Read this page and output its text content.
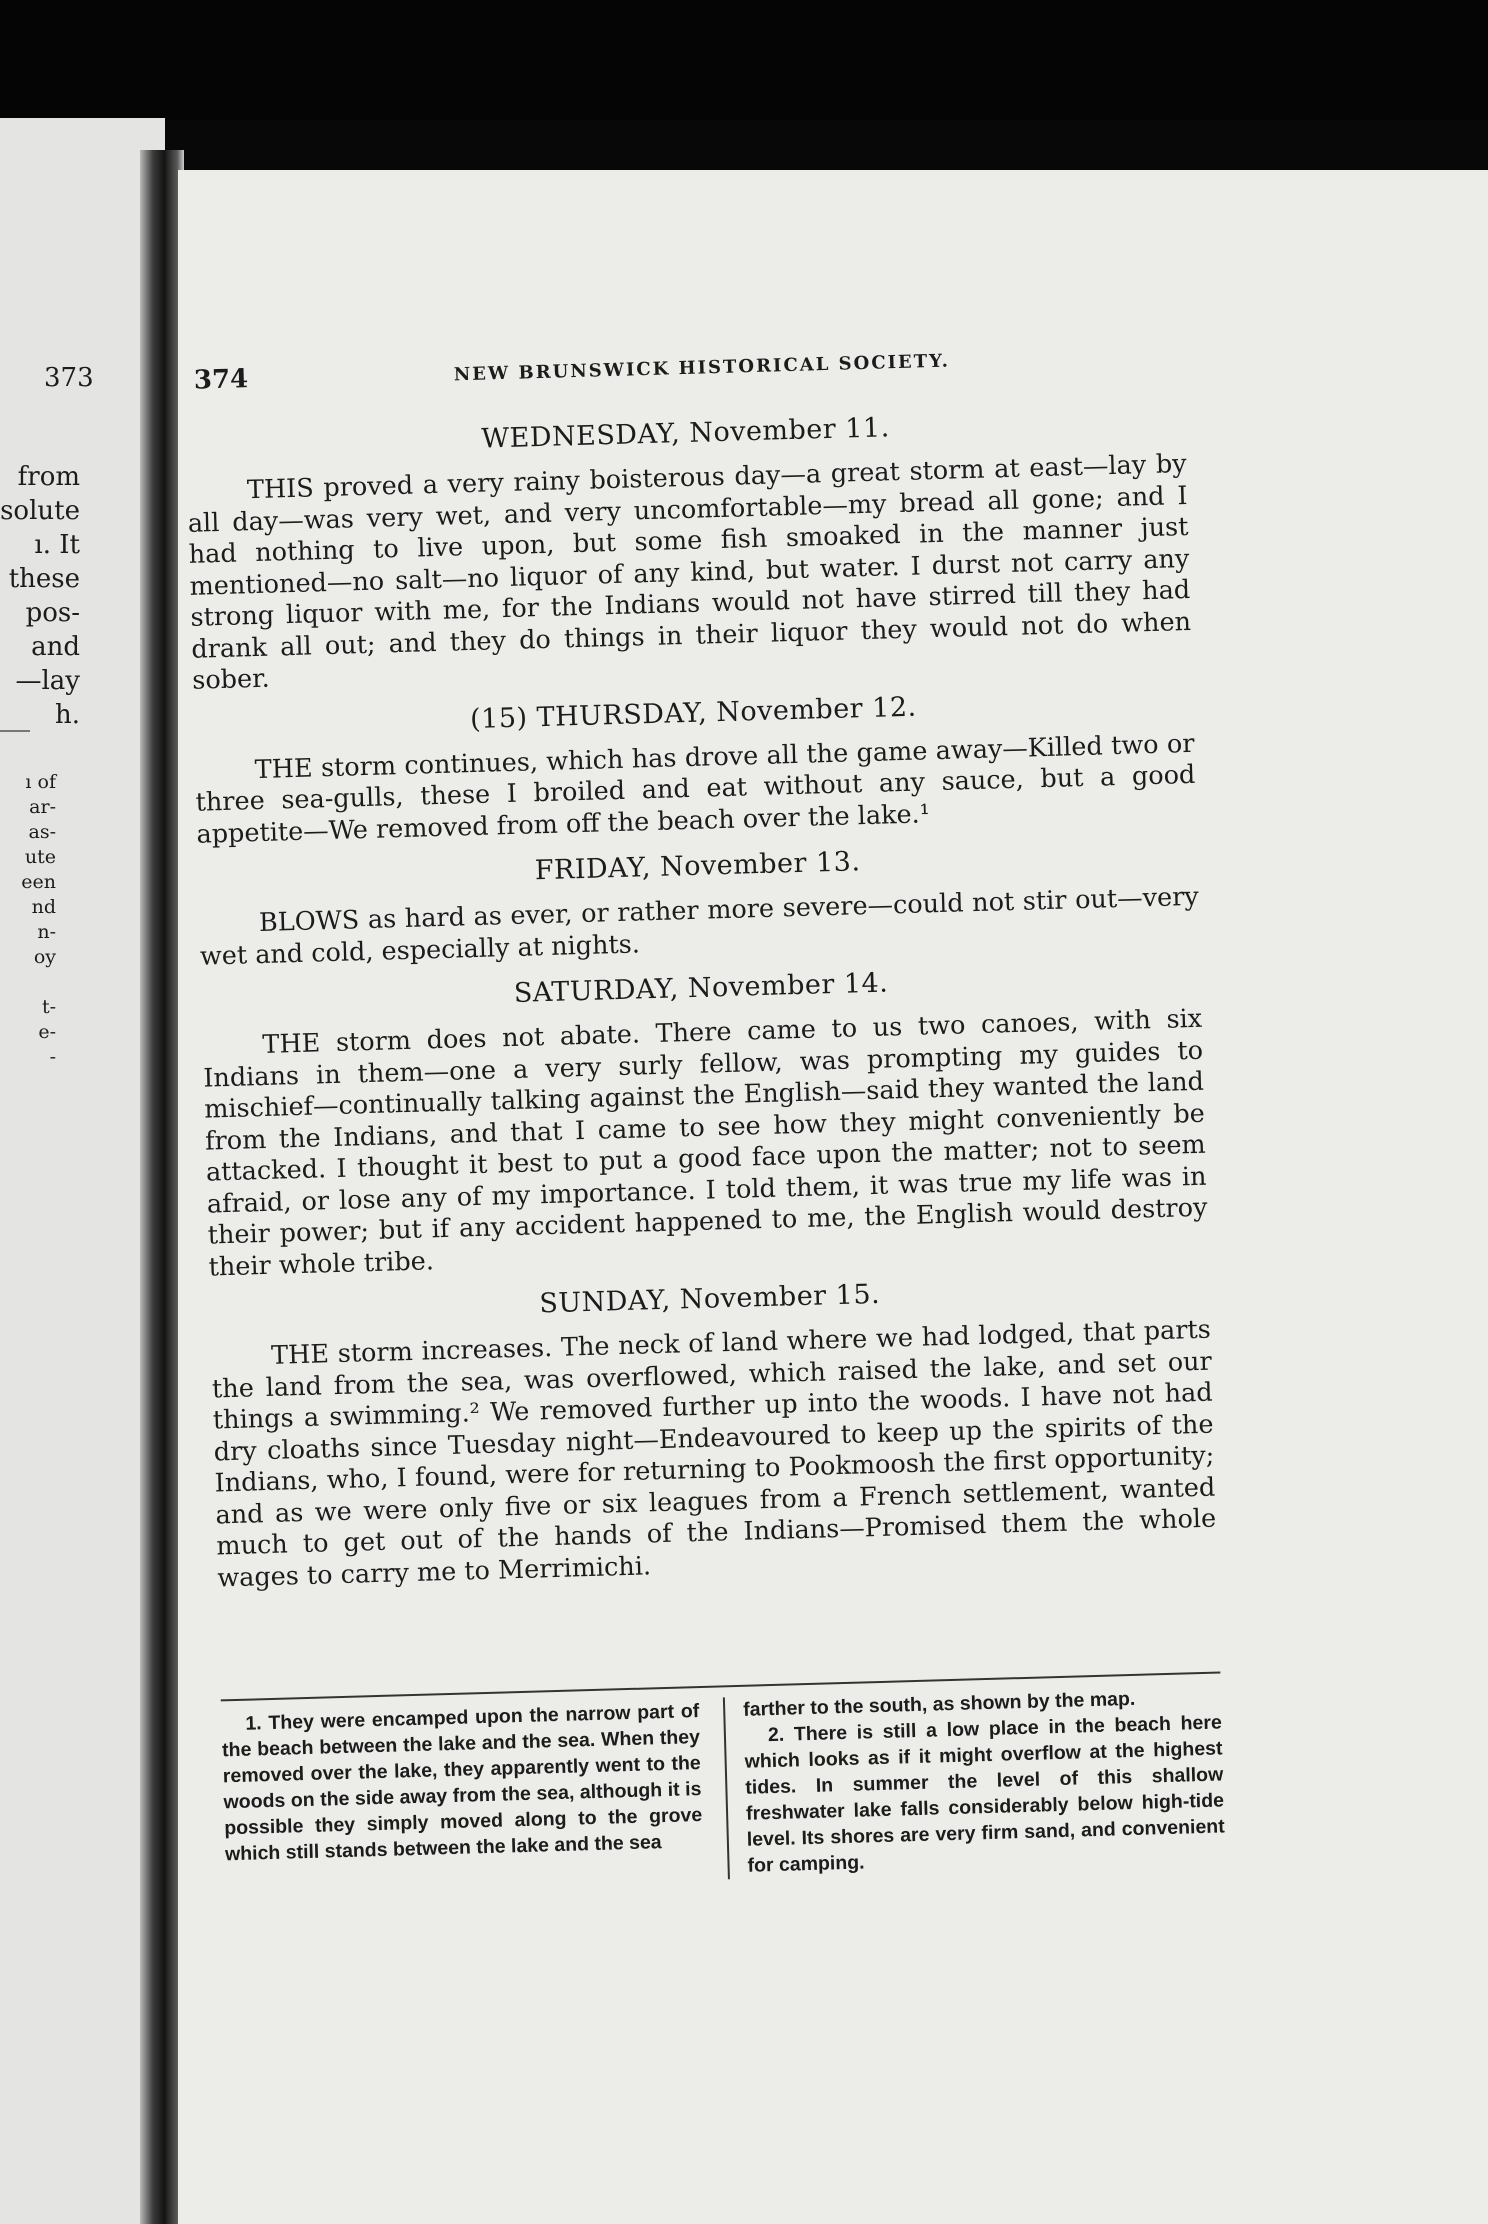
373
from
solute
ı. It
these
pos-
and
—lay
h.
ı of
ar-
as-
ute
een
nd
n-
oy
t-
e-
-
374	NEW BRUNSWICK HISTORICAL SOCIETY.
WEDNESDAY, November 11.

THIS proved a very rainy boisterous day—a great storm at east—lay by all day—was very wet, and very uncomfortable—my bread all gone; and I had nothing to live upon, but some fish smoaked in the manner just mentioned—no salt—no liquor of any kind, but water. I durst not carry any strong liquor with me, for the Indians would not have stirred till they had drank all out; and they do things in their liquor they would not do when sober.

(15) THURSDAY, November 12.

THE storm continues, which has drove all the game away—Killed two or three sea-gulls, these I broiled and eat without any sauce, but a good appetite—We removed from off the beach over the lake.¹

FRIDAY, November 13.

BLOWS as hard as ever, or rather more severe—could not stir out—very wet and cold, especially at nights.

SATURDAY, November 14.

THE storm does not abate. There came to us two canoes, with six Indians in them—one a very surly fellow, was prompting my guides to mischief—continually talking against the English—said they wanted the land from the Indians, and that I came to see how they might conveniently be attacked. I thought it best to put a good face upon the matter; not to seem afraid, or lose any of my importance. I told them, it was true my life was in their power; but if any accident happened to me, the English would destroy their whole tribe.

SUNDAY, November 15.

THE storm increases. The neck of land where we had lodged, that parts the land from the sea, was overflowed, which raised the lake, and set our things a swimming.² We removed further up into the woods. I have not had dry cloaths since Tuesday night—Endeavoured to keep up the spirits of the Indians, who, I found, were for returning to Pookmoosh the first opportunity; and as we were only five or six leagues from a French settlement, wanted much to get out of the hands of the Indians—Promised them the whole wages to carry me to Merrimichi.

1. They were encamped upon the narrow part of the beach between the lake and the sea. When they removed over the lake, they apparently went to the woods on the side away from the sea, although it is possible they simply moved along to the grove which still stands between the lake and the sea

farther to the south, as shown by the map.

2. There is still a low place in the beach here which looks as if it might overflow at the highest tides. In summer the level of this shallow freshwater lake falls considerably below high-tide level. Its shores are very firm sand, and convenient for camping.
